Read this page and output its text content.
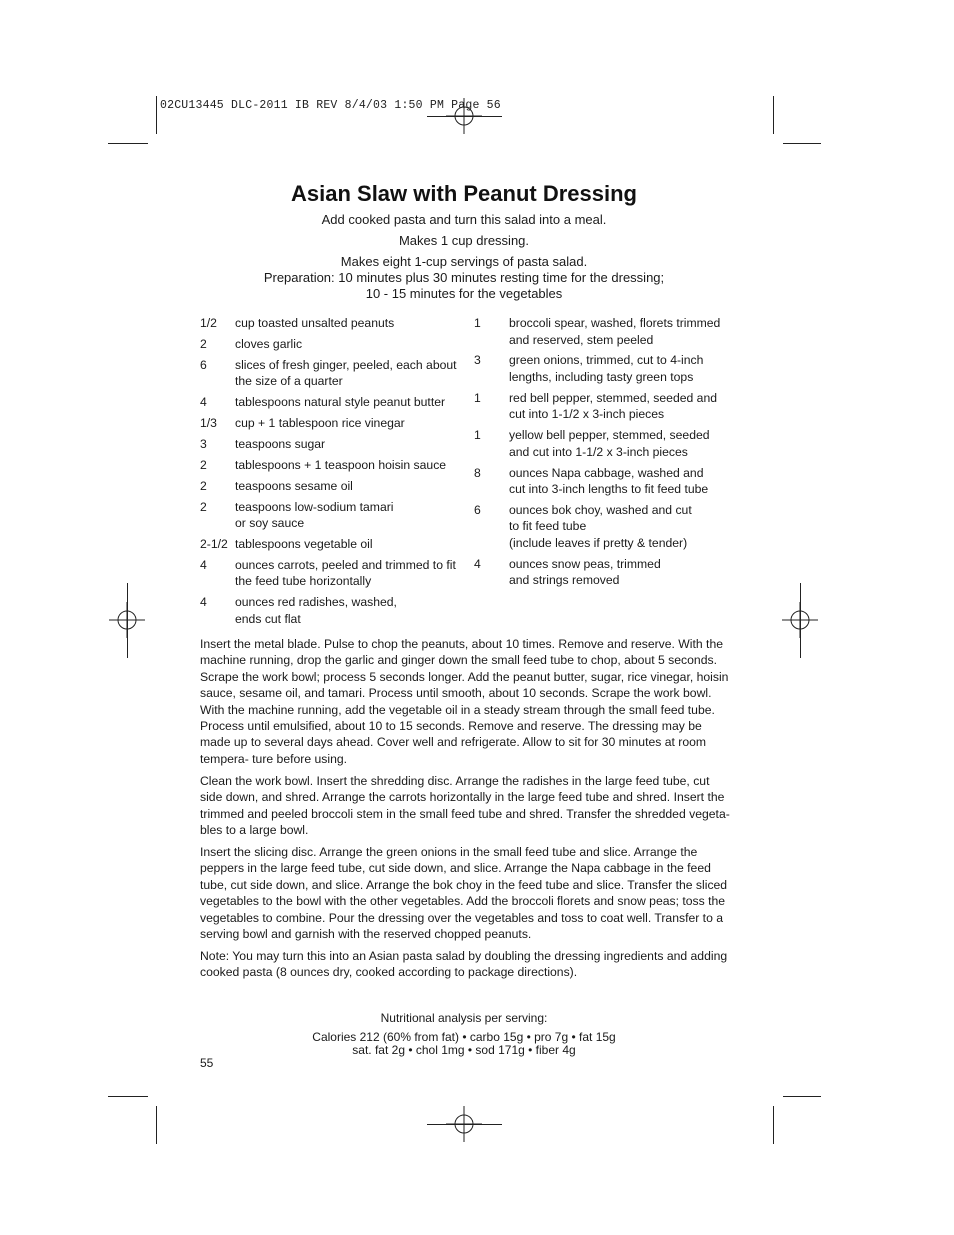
02CU13445 DLC-2011 IB REV 8/4/03 1:50 PM Page 56
Asian Slaw with Peanut Dressing
Add cooked pasta and turn this salad into a meal.
Makes 1 cup dressing.
Makes eight 1-cup servings of pasta salad.
Preparation: 10 minutes plus 30 minutes resting time for the dressing;
10 - 15 minutes for the vegetables
1/2	cup toasted unsalted peanuts
2	cloves garlic
6	slices of fresh ginger, peeled, each about
the size of a quarter
4	tablespoons natural style peanut butter
1/3	cup + 1 tablespoon rice vinegar
3	teaspoons sugar
2	tablespoons + 1 teaspoon hoisin sauce
2	teaspoons sesame oil
2	teaspoons low-sodium tamari
or soy sauce
2-1/2 tablespoons vegetable oil
4	ounces carrots, peeled and trimmed to fit
the feed tube horizontally
4	ounces red radishes, washed,
ends cut flat
1	broccoli spear, washed, florets trimmed
and reserved, stem peeled
3	green onions, trimmed, cut to 4-inch
lengths, including tasty green tops
1	red bell pepper, stemmed, seeded and
cut into 1-1/2 x 3-inch pieces
1	yellow bell pepper, stemmed, seeded
and cut into 1-1/2 x 3-inch pieces
8	ounces Napa cabbage, washed and
cut into 3-inch lengths to fit feed tube
6	ounces bok choy, washed and cut
to fit feed tube
(include leaves if pretty & tender)
4	ounces snow peas, trimmed
and strings removed

Insert the metal blade. Pulse to chop the peanuts, about 10 times. Remove and reserve. With the machine running, drop the garlic and ginger down the small feed tube to chop, about 5 seconds. Scrape the work bowl; process 5 seconds longer. Add the peanut butter, sugar, rice vinegar, hoisin sauce, sesame oil, and tamari. Process until smooth, about 10 seconds. Scrape the work bowl. With the machine running, add the vegetable oil in a steady stream through the small feed tube. Process until emulsified, about 10 to 15 seconds. Remove and reserve. The dressing may be made up to several days ahead. Cover well and refrigerate. Allow to sit for 30 minutes at room tempera- ture before using.

Clean the work bowl. Insert the shredding disc. Arrange the radishes in the large feed tube, cut side down, and shred. Arrange the carrots horizontally in the large feed tube and shred. Insert the trimmed and peeled broccoli stem in the small feed tube and shred. Transfer the shredded vegeta- bles to a large bowl.

Insert the slicing disc. Arrange the green onions in the small feed tube and slice. Arrange the peppers in the large feed tube, cut side down, and slice. Arrange the Napa cabbage in the feed tube, cut side down, and slice. Arrange the bok choy in the feed tube and slice. Transfer the sliced vegetables to the bowl with the other vegetables. Add the broccoli florets and snow peas; toss the vegetables to combine. Pour the dressing over the vegetables and toss to coat well. Transfer to a serving bowl and garnish with the reserved chopped peanuts.

Note: You may turn this into an Asian pasta salad by doubling the dressing ingredients and adding cooked pasta (8 ounces dry, cooked according to package directions).

Nutritional analysis per serving:
Calories 212 (60% from fat) • carbo 15g • pro 7g • fat 15g
sat. fat 2g • chol 1mg • sod 171g • fiber 4g
55
